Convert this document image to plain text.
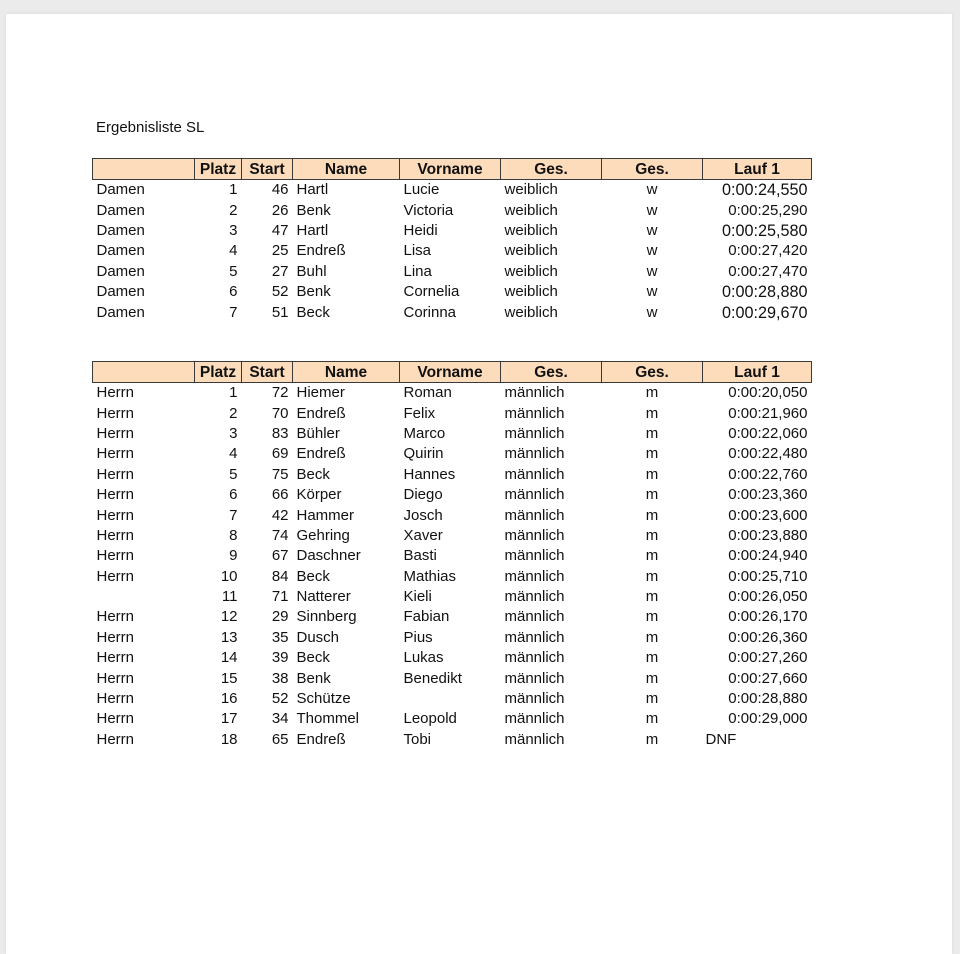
Ergebnisliste SL
	Platz	Start	Name	Vorname	Ges.	Ges.	Lauf 1
Damen	1	46	Hartl	Lucie	weiblich	w	0:00:24,550
Damen	2	26	Benk	Victoria	weiblich	w	0:00:25,290
Damen	3	47	Hartl	Heidi	weiblich	w	0:00:25,580
Damen	4	25	Endreß	Lisa	weiblich	w	0:00:27,420
Damen	5	27	Buhl	Lina	weiblich	w	0:00:27,470
Damen	6	52	Benk	Cornelia	weiblich	w	0:00:28,880
Damen	7	51	Beck	Corinna	weiblich	w	0:00:29,670
	Platz	Start	Name	Vorname	Ges.	Ges.	Lauf 1
Herrn	1	72	Hiemer	Roman	männlich	m	0:00:20,050
Herrn	2	70	Endreß	Felix	männlich	m	0:00:21,960
Herrn	3	83	Bühler	Marco	männlich	m	0:00:22,060
Herrn	4	69	Endreß	Quirin	männlich	m	0:00:22,480
Herrn	5	75	Beck	Hannes	männlich	m	0:00:22,760
Herrn	6	66	Körper	Diego	männlich	m	0:00:23,360
Herrn	7	42	Hammer	Josch	männlich	m	0:00:23,600
Herrn	8	74	Gehring	Xaver	männlich	m	0:00:23,880
Herrn	9	67	Daschner	Basti	männlich	m	0:00:24,940
Herrn	10	84	Beck	Mathias	männlich	m	0:00:25,710
	11	71	Natterer	Kieli	männlich	m	0:00:26,050
Herrn	12	29	Sinnberg	Fabian	männlich	m	0:00:26,170
Herrn	13	35	Dusch	Pius	männlich	m	0:00:26,360
Herrn	14	39	Beck	Lukas	männlich	m	0:00:27,260
Herrn	15	38	Benk	Benedikt	männlich	m	0:00:27,660
Herrn	16	52	Schütze		männlich	m	0:00:28,880
Herrn	17	34	Thommel	Leopold	männlich	m	0:00:29,000
Herrn	18	65	Endreß	Tobi	männlich	m	DNF
